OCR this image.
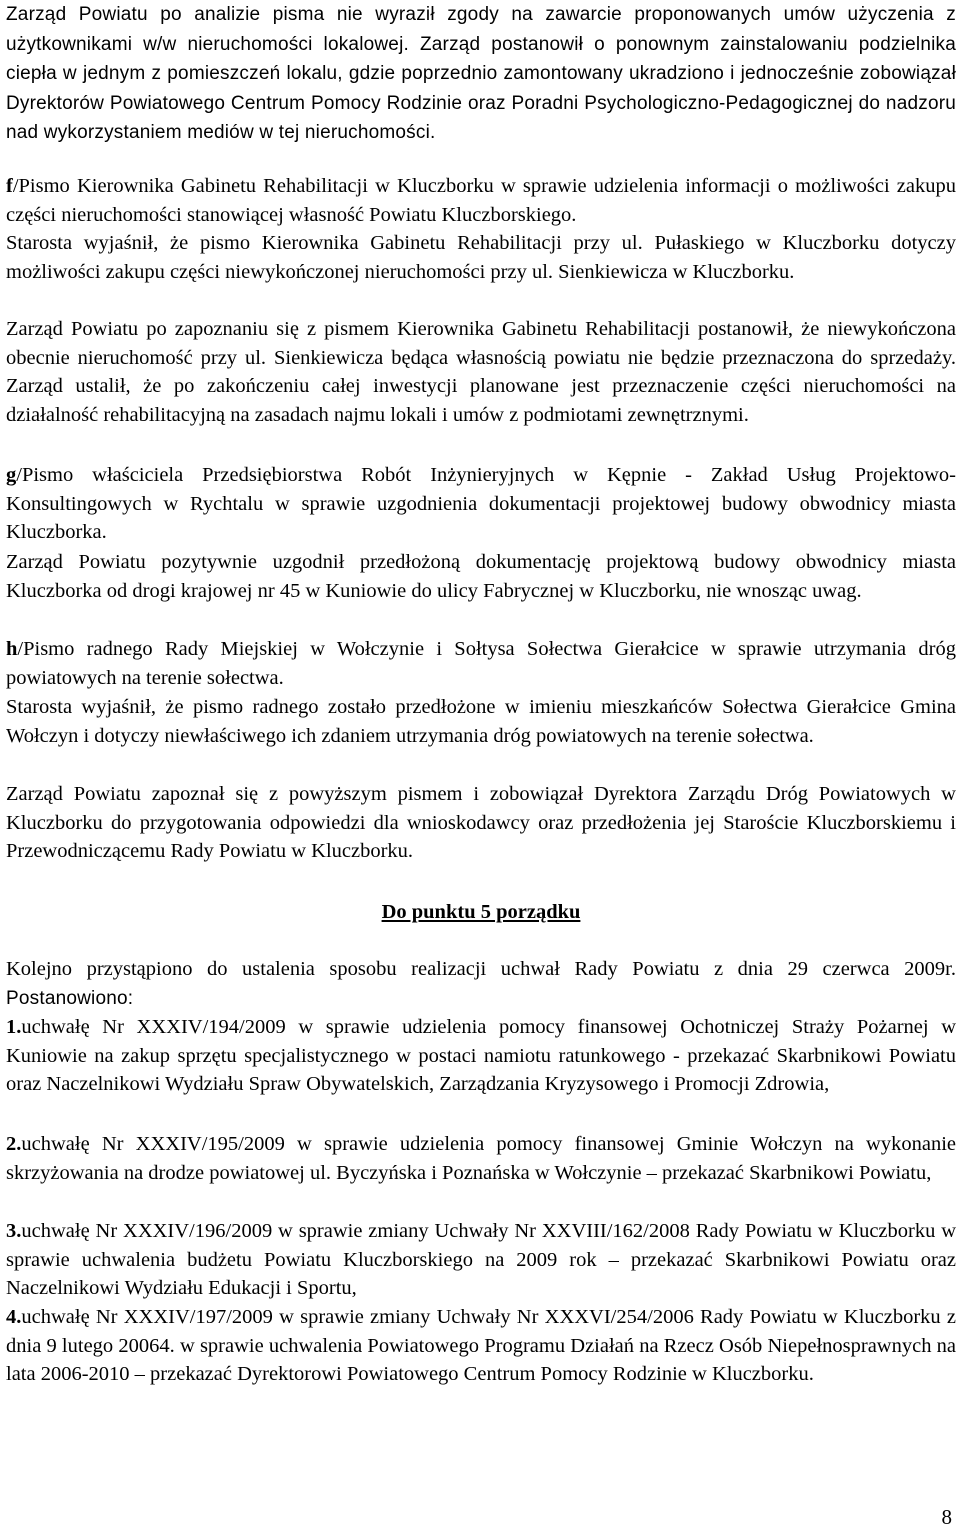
Zarząd Powiatu po analizie pisma nie wyraził zgody na zawarcie proponowanych umów użyczenia z użytkownikami w/w nieruchomości lokalowej. Zarząd postanowił o ponownym zainstalowaniu podzielnika ciepła w jednym z pomieszczeń lokalu, gdzie poprzednio zamontowany ukradziono i jednocześnie zobowiązał Dyrektorów Powiatowego Centrum Pomocy Rodzinie oraz Poradni Psychologiczno-Pedagogicznej do nadzoru nad wykorzystaniem mediów w tej nieruchomości.

f/Pismo Kierownika Gabinetu Rehabilitacji w Kluczborku w sprawie udzielenia informacji o możliwości zakupu części nieruchomości stanowiącej własność Powiatu Kluczborskiego.

Starosta wyjaśnił, że pismo Kierownika Gabinetu Rehabilitacji przy ul. Pułaskiego w Kluczborku dotyczy możliwości zakupu części niewykończonej nieruchomości przy ul. Sienkiewicza w Kluczborku.

Zarząd Powiatu po zapoznaniu się z pismem Kierownika Gabinetu Rehabilitacji postanowił, że niewykończona obecnie nieruchomość przy ul. Sienkiewicza będąca własnością powiatu nie będzie przeznaczona do sprzedaży. Zarząd ustalił, że po zakończeniu całej inwestycji planowane jest przeznaczenie części nieruchomości na działalność rehabilitacyjną na zasadach najmu lokali i umów z podmiotami zewnętrznymi.

g/Pismo właściciela Przedsiębiorstwa Robót Inżynieryjnych w Kępnie - Zakład Usług Projektowo-Konsultingowych w Rychtalu w sprawie uzgodnienia dokumentacji projektowej budowy obwodnicy miasta Kluczborka.

Zarząd Powiatu pozytywnie uzgodnił przedłożoną dokumentację projektową budowy obwodnicy miasta Kluczborka od drogi krajowej nr 45 w Kuniowie do ulicy Fabrycznej w Kluczborku, nie wnosząc uwag.

h/Pismo radnego Rady Miejskiej w Wołczynie i Sołtysa Sołectwa Gierałcice w sprawie utrzymania dróg powiatowych na terenie sołectwa.

Starosta wyjaśnił, że pismo radnego zostało przedłożone w imieniu mieszkańców Sołectwa Gierałcice Gmina Wołczyn i dotyczy niewłaściwego ich zdaniem utrzymania dróg powiatowych na terenie sołectwa.

Zarząd Powiatu zapoznał się z powyższym pismem i zobowiązał Dyrektora Zarządu Dróg Powiatowych w Kluczborku do przygotowania odpowiedzi dla wnioskodawcy oraz przedłożenia jej Staroście Kluczborskiemu i Przewodniczącemu Rady Powiatu w Kluczborku.

Do punktu 5 porządku

Kolejno przystąpiono do ustalenia sposobu realizacji uchwał Rady Powiatu z dnia 29 czerwca 2009r. Postanowiono:

1.uchwałę Nr XXXIV/194/2009 w sprawie udzielenia pomocy finansowej Ochotniczej Straży Pożarnej w Kuniowie na zakup sprzętu specjalistycznego w postaci namiotu ratunkowego - przekazać Skarbnikowi Powiatu oraz Naczelnikowi Wydziału Spraw Obywatelskich, Zarządzania Kryzysowego i Promocji Zdrowia,

2.uchwałę Nr XXXIV/195/2009 w sprawie udzielenia pomocy finansowej Gminie Wołczyn na wykonanie skrzyżowania na drodze powiatowej ul. Byczyńska i Poznańska w Wołczynie – przekazać Skarbnikowi Powiatu,

3.uchwałę Nr XXXIV/196/2009 w sprawie zmiany Uchwały Nr XXVIII/162/2008 Rady Powiatu w Kluczborku w sprawie uchwalenia budżetu Powiatu Kluczborskiego na 2009 rok – przekazać Skarbnikowi Powiatu oraz Naczelnikowi Wydziału Edukacji i Sportu,

4.uchwałę Nr XXXIV/197/2009 w sprawie zmiany Uchwały Nr XXXVI/254/2006 Rady Powiatu w Kluczborku z dnia 9 lutego 20064. w sprawie uchwalenia Powiatowego Programu Działań na Rzecz Osób Niepełnosprawnych na lata 2006-2010 – przekazać Dyrektorowi Powiatowego Centrum Pomocy Rodzinie w Kluczborku.

8
